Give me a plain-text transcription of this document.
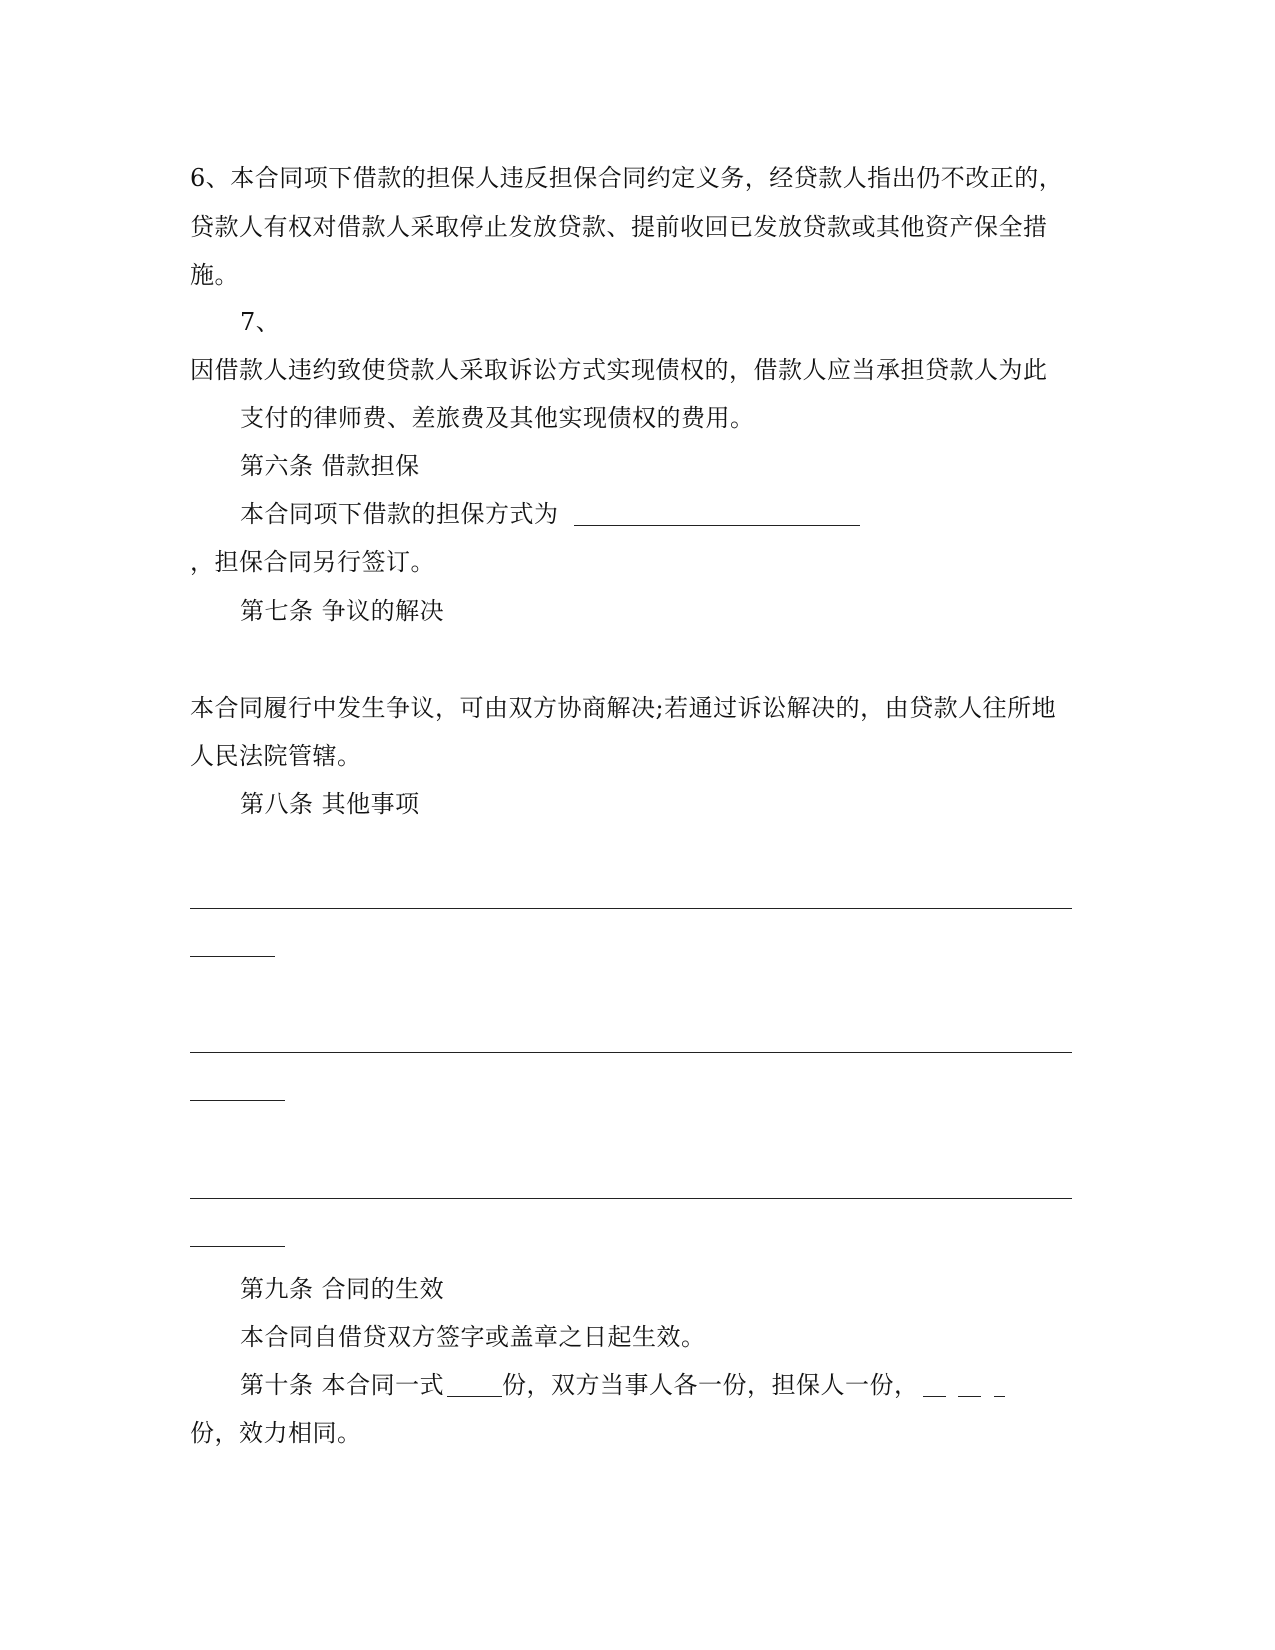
6、本合同项下借款的担保人违反担保合同约定义务，经贷款人指出仍不改正的，
贷款人有权对借款人采取停止发放贷款、提前收回已发放贷款或其他资产保全措
施。
7、
因借款人违约致使贷款人采取诉讼方式实现债权的，借款人应当承担贷款人为此
支付的律师费、差旅费及其他实现债权的费用。
第六条 借款担保
本合同项下借款的担保方式为
，担保合同另行签订。
第七条 争议的解决
本合同履行中发生争议，可由双方协商解决;若通过诉讼解决的，由贷款人往所地
人民法院管辖。
第八条 其他事项
第九条 合同的生效
本合同自借贷双方签字或盖章之日起生效。
第十条 本合同一式 份，双方当事人各一份，担保人一份，
份，效力相同。
